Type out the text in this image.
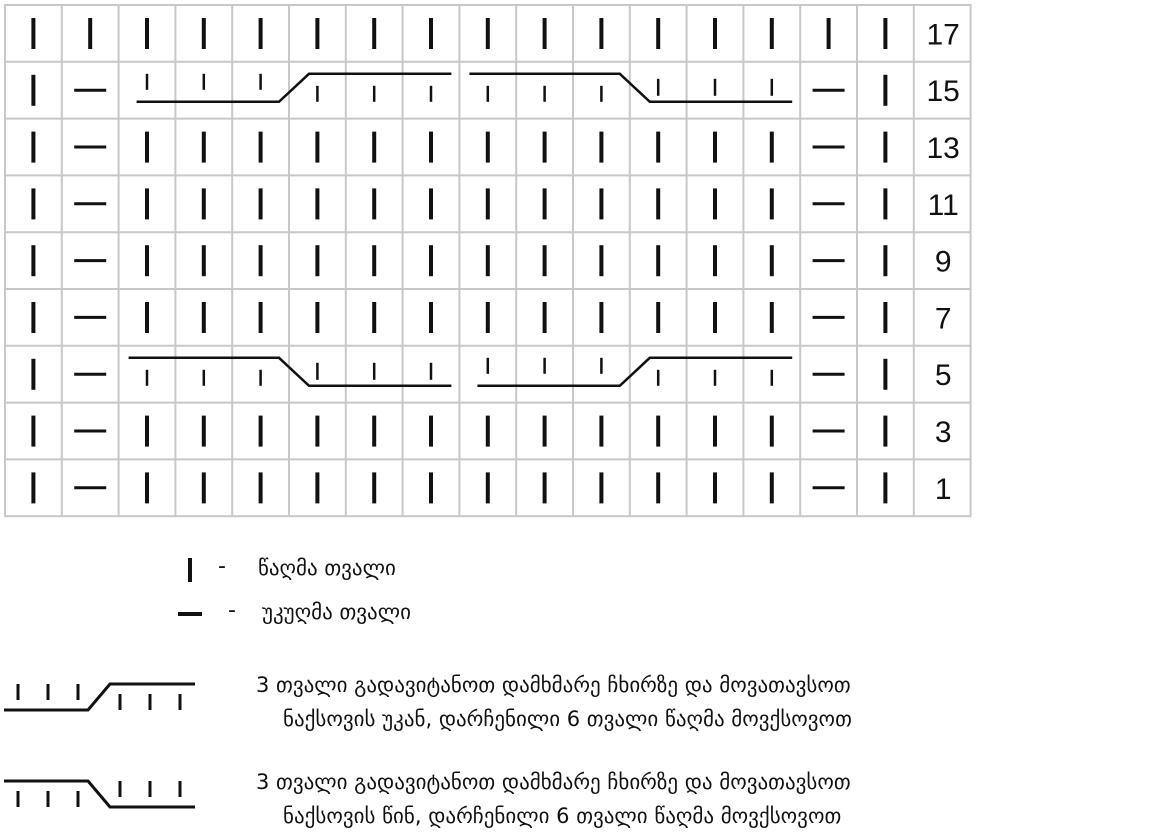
17
15
13
11
9
7
5
3
1
- წაღმა თვალი
- უკუღმა თვალი
3 თვალი გადავიტანოთ დამხმარე ჩხირზე და მოვათავსოთ
ნაქსოვის უკან, დარჩენილი 6 თვალი წაღმა მოვქსოვოთ
3 თვალი გადავიტანოთ დამხმარე ჩხირზე და მოვათავსოთ
ნაქსოვის წინ, დარჩენილი 6 თვალი წაღმა მოვქსოვოთ
